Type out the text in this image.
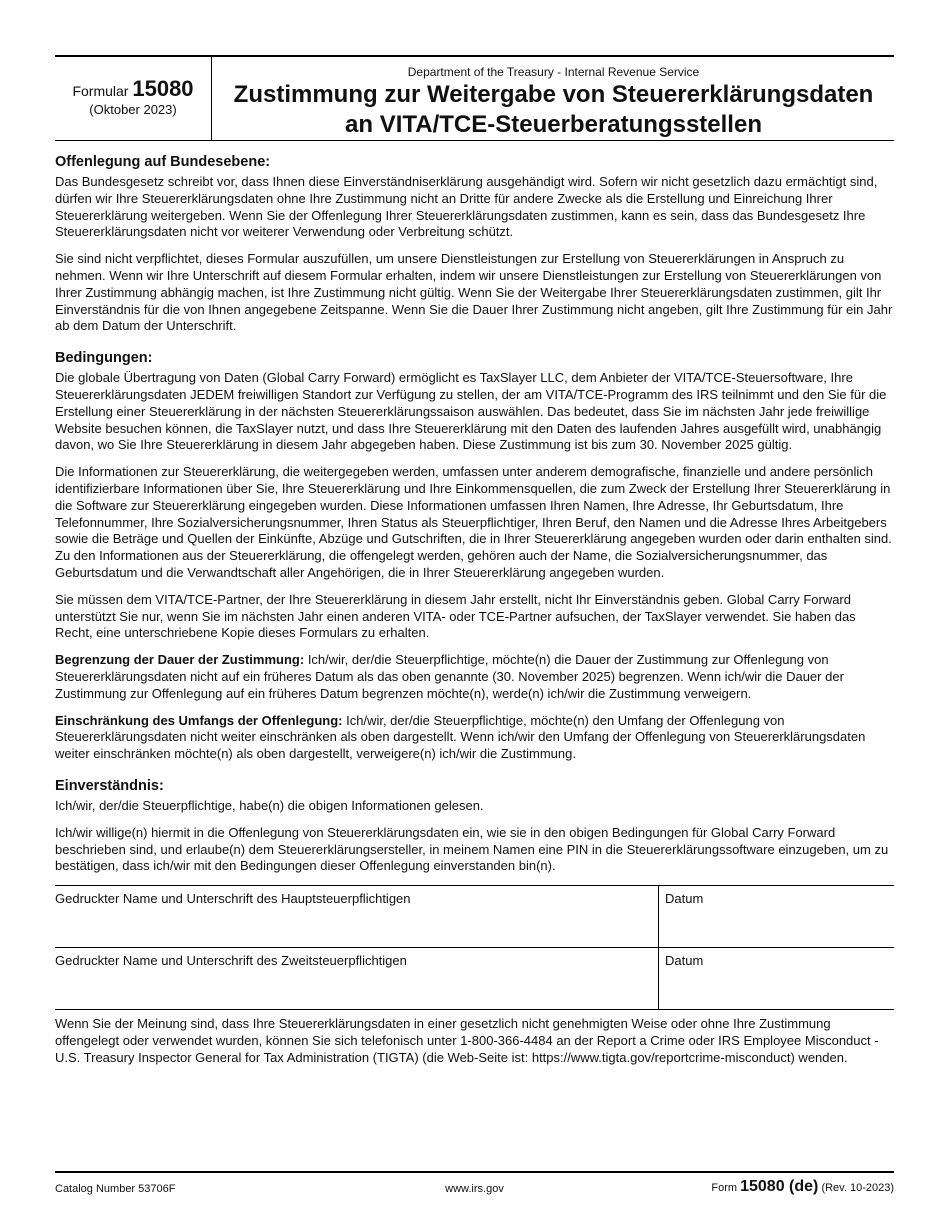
Formular 15080
(Oktober 2023)
Department of the Treasury - Internal Revenue Service
Zustimmung zur Weitergabe von Steuererklärungsdaten
an VITA/TCE-Steuerberatungsstellen
Offenlegung auf Bundesebene:

Das Bundesgesetz schreibt vor, dass Ihnen diese Einverständniserklärung ausgehändigt wird. Sofern wir nicht gesetzlich dazu ermächtigt sind, dürfen wir Ihre Steuererklärungsdaten ohne Ihre Zustimmung nicht an Dritte für andere Zwecke als die Erstellung und Einreichung Ihrer Steuererklärung weitergeben. Wenn Sie der Offenlegung Ihrer Steuererklärungsdaten zustimmen, kann es sein, dass das Bundesgesetz Ihre Steuererklärungsdaten nicht vor weiterer Verwendung oder Verbreitung schützt.

Sie sind nicht verpflichtet, dieses Formular auszufüllen, um unsere Dienstleistungen zur Erstellung von Steuererklärungen in Anspruch zu nehmen. Wenn wir Ihre Unterschrift auf diesem Formular erhalten, indem wir unsere Dienstleistungen zur Erstellung von Steuererklärungen von Ihrer Zustimmung abhängig machen, ist Ihre Zustimmung nicht gültig. Wenn Sie der Weitergabe Ihrer Steuererklärungsdaten zustimmen, gilt Ihr Einverständnis für die von Ihnen angegebene Zeitspanne. Wenn Sie die Dauer Ihrer Zustimmung nicht angeben, gilt Ihre Zustimmung für ein Jahr ab dem Datum der Unterschrift.

Bedingungen:

Die globale Übertragung von Daten (Global Carry Forward) ermöglicht es TaxSlayer LLC, dem Anbieter der VITA/TCE-Steuersoftware, Ihre Steuererklärungsdaten JEDEM freiwilligen Standort zur Verfügung zu stellen, der am VITA/TCE-Programm des IRS teilnimmt und den Sie für die Erstellung einer Steuererklärung in der nächsten Steuererklärungssaison auswählen. Das bedeutet, dass Sie im nächsten Jahr jede freiwillige Website besuchen können, die TaxSlayer nutzt, und dass Ihre Steuererklärung mit den Daten des laufenden Jahres ausgefüllt wird, unabhängig davon, wo Sie Ihre Steuererklärung in diesem Jahr abgegeben haben. Diese Zustimmung ist bis zum 30. November 2025 gültig.

Die Informationen zur Steuererklärung, die weitergegeben werden, umfassen unter anderem demografische, finanzielle und andere persönlich identifizierbare Informationen über Sie, Ihre Steuererklärung und Ihre Einkommensquellen, die zum Zweck der Erstellung Ihrer Steuererklärung in die Software zur Steuererklärung eingegeben wurden. Diese Informationen umfassen Ihren Namen, Ihre Adresse, Ihr Geburtsdatum, Ihre Telefonnummer, Ihre Sozialversicherungsnummer, Ihren Status als Steuerpflichtiger, Ihren Beruf, den Namen und die Adresse Ihres Arbeitgebers sowie die Beträge und Quellen der Einkünfte, Abzüge und Gutschriften, die in Ihrer Steuererklärung angegeben wurden oder darin enthalten sind. Zu den Informationen aus der Steuererklärung, die offengelegt werden, gehören auch der Name, die Sozialversicherungsnummer, das Geburtsdatum und die Verwandtschaft aller Angehörigen, die in Ihrer Steuererklärung angegeben wurden.

Sie müssen dem VITA/TCE-Partner, der Ihre Steuererklärung in diesem Jahr erstellt, nicht Ihr Einverständnis geben. Global Carry Forward unterstützt Sie nur, wenn Sie im nächsten Jahr einen anderen VITA- oder TCE-Partner aufsuchen, der TaxSlayer verwendet. Sie haben das Recht, eine unterschriebene Kopie dieses Formulars zu erhalten.

Begrenzung der Dauer der Zustimmung: Ich/wir, der/die Steuerpflichtige, möchte(n) die Dauer der Zustimmung zur Offenlegung von Steuererklärungsdaten nicht auf ein früheres Datum als das oben genannte (30. November 2025) begrenzen. Wenn ich/wir die Dauer der Zustimmung zur Offenlegung auf ein früheres Datum begrenzen möchte(n), werde(n) ich/wir die Zustimmung verweigern.

Einschränkung des Umfangs der Offenlegung: Ich/wir, der/die Steuerpflichtige, möchte(n) den Umfang der Offenlegung von Steuererklärungsdaten nicht weiter einschränken als oben dargestellt. Wenn ich/wir den Umfang der Offenlegung von Steuererklärungsdaten weiter einschränken möchte(n) als oben dargestellt, verweigere(n) ich/wir die Zustimmung.

Einverständnis:

Ich/wir, der/die Steuerpflichtige, habe(n) die obigen Informationen gelesen.

Ich/wir willige(n) hiermit in die Offenlegung von Steuererklärungsdaten ein, wie sie in den obigen Bedingungen für Global Carry Forward beschrieben sind, und erlaube(n) dem Steuererklärungsersteller, in meinem Namen eine PIN in die Steuererklärungssoftware einzugeben, um zu bestätigen, dass ich/wir mit den Bedingungen dieser Offenlegung einverstanden bin(n).

Gedruckter Name und Unterschrift des Hauptsteuerpflichtigen	Datum
Gedruckter Name und Unterschrift des Zweitsteuerpflichtigen	Datum

Wenn Sie der Meinung sind, dass Ihre Steuererklärungsdaten in einer gesetzlich nicht genehmigten Weise oder ohne Ihre Zustimmung offengelegt oder verwendet wurden, können Sie sich telefonisch unter 1-800-366-4484 an der Report a Crime oder IRS Employee Misconduct - U.S. Treasury Inspector General for Tax Administration (TIGTA) (die Web-Seite ist: https://www.tigta.gov/reportcrime-misconduct) wenden.

Catalog Number 53706F	www.irs.gov	Form 15080 (de) (Rev. 10-2023)
